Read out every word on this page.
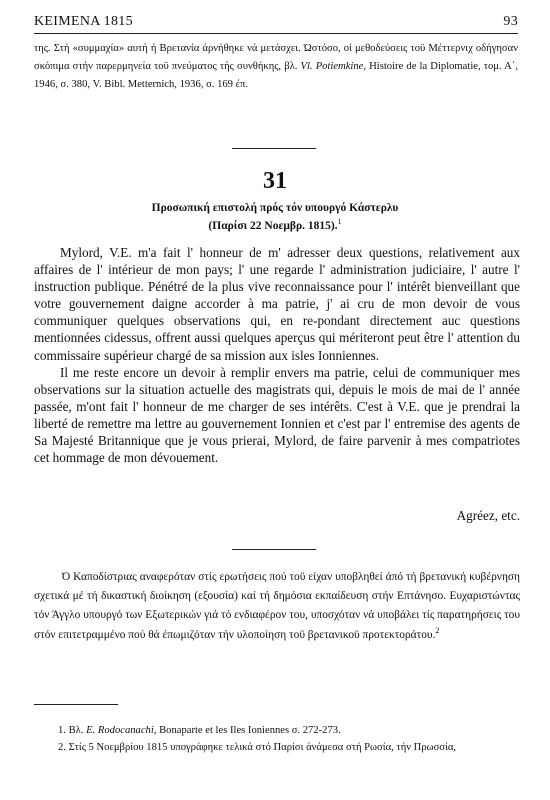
ΚΕΙΜΕΝΑ 1815	93

της. Στή «συμμαχία» αυτή ή Βρετανία άρνήθηκε νά μετάσχει. Ώστόσο, οί μεθοδεύσεις τοϋ Μέττερνιχ οδήγησαν σκόπιμα στήν παρερμηνεία τοϋ πνεύματος τής συνθήκης, βλ. Vl. Potiemkine, Histoire de la Diplomatie, τομ. Α΄, 1946, σ. 380, V. Bibl. Metternich, 1936, σ. 169 έπ.

31
Προσωπική επιστολή πρός τόν υπουργό Κάστερλυ
(Παρίσι 22 Νοεμβρ. 1815).$^1$

Mylord, V.E. m'a fait l' honneur de m' adresser deux questions, relativement aux affaires de l' intérieur de mon pays; l' une regarde l' administration judiciaire, l' autre l' instruction publique. Pénétré de la plus vive reconnaissance pour l' intérêt bienveillant que votre gouvernement daigne accorder à ma patrie, j' ai cru de mon devoir de vous communiquer quelques observations qui, en re-pondant directement auc questions mentionnées cidessus, offrent aussi quelques aperçus qui mériteront peut être l' attention du commissaire supérieur chargé de sa mission aux isles Ionniennes.

Il me reste encore un devoir à remplir envers ma patrie, celui de communiquer mes observations sur la situation actuelle des magistrats qui, depuis le mois de mai de l' année passée, m'ont fait l' honneur de me charger de ses intérêts. C'est à V.E. que je prendrai la liberté de remettre ma lettre au gouvernement Ionnien et c'est par l' entremise des agents de Sa Majesté Britannique que je vous prierai, Mylord, de faire parvenir à mes compatriotes cet hommage de mon dévouement.

Agréez, etc.

Ό Καποδίστριας αναφερόταν στίς ερωτήσεις πού τοϋ είχαν υποβληθεί άπό τή βρετανική κυβέρνηση σχετικά μέ τή δικαστική διοίκηση (εξουσία) καί τή δημόσια εκπαίδευση στήν Επτάνησο. Ευχαριστώντας τόν Άγγλο υπουργό των Εξωτερικών γιά τό ενδιαφέρον του, υποσχόταν νά υποβάλει τίς παρατηρήσεις του στόν επιτετραμμένο πού θά έπωμιζόταν τήν υλοποίηση τοϋ βρετανικοϋ προτεκτοράτου.$^2$

1. Βλ. E. Rodocanachi, Bonaparte et les Iles Ioniennes σ. 272-273.

2. Στίς 5 Νοεμβρίου 1815 υπογράφηκε τελικά στό Παρίσι άνάμεσα στή Ρωσία, τήν Πρωσσία,
